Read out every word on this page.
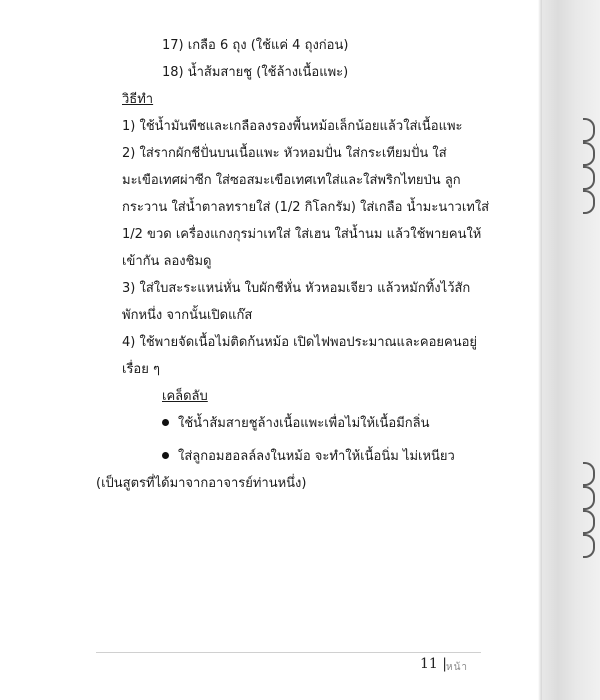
17) เกลือ 6 ถุง (ใช้แค่ 4 ถุงก่อน)
18) น้ำส้มสายชู (ใช้ล้างเนื้อแพะ)
วิธีทำ
1) ใช้น้ำมันพืชและเกลือลงรองพื้นหม้อเล็กน้อยแล้วใส่เนื้อแพะ
2) ใส่รากผักชีปั่นบนเนื้อแพะ หัวหอมปั่น ใส่กระเทียมปั่น ใส่
มะเขือเทศผ่าซีก ใส่ซอสมะเขือเทศเทใส่และใส่พริกไทยป่น ลูก
กระวาน ใส่น้ำตาลทรายใส่ (1/2 กิโลกรัม) ใส่เกลือ น้ำมะนาวเทใส่
1/2 ขวด เครื่องแกงกุรม่าเทใส่ ใส่เฮน ใส่น้ำนม แล้วใช้พายคนให้
เข้ากัน ลองชิมดู
3) ใส่ใบสะระแหน่หั่น ใบผักชีหั่น หัวหอมเจียว แล้วหมักทิ้งไว้สัก
พักหนึ่ง จากนั้นเปิดแก๊ส
4) ใช้พายจัดเนื้อไม่ติดก้นหม้อ เปิดไฟพอประมาณและคอยคนอยู่
เรื่อย ๆ
เคล็ดลับ
ใช้น้ำส้มสายชูล้างเนื้อแพะเพื่อไม่ให้เนื้อมีกลิ่น
ใส่ลูกอมฮอลล์ลงในหม้อ จะทำให้เนื้อนิ่ม ไม่เหนียว
(เป็นสูตรที่ได้มาจากอาจารย์ท่านหนึ่ง)
11 | หน้า
